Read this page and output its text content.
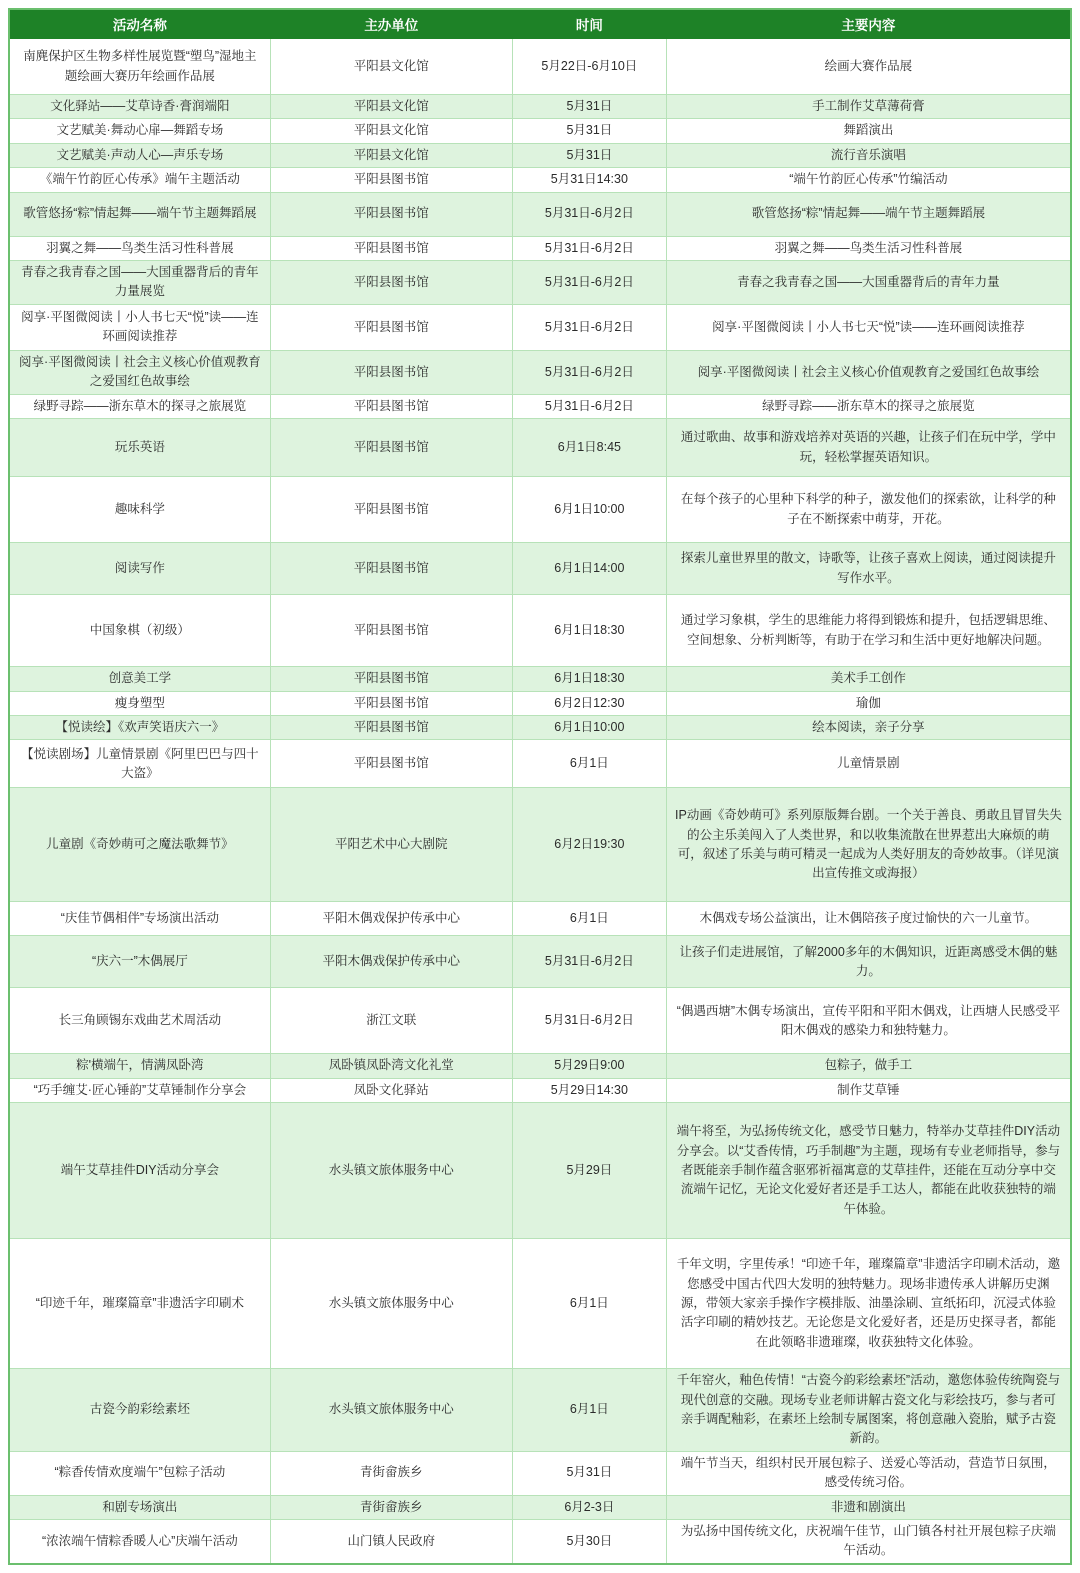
活动名称	主办单位	时间	主要内容
南麂保护区生物多样性展览暨“塑鸟”湿地主题绘画大赛历年绘画作品展	平阳县文化馆	5月22日-6月10日	绘画大赛作品展
文化驿站——艾草诗香·膏润端阳	平阳县文化馆	5月31日	手工制作艾草薄荷膏
文艺赋美·舞动心扉—舞蹈专场	平阳县文化馆	5月31日	舞蹈演出
文艺赋美·声动人心—声乐专场	平阳县文化馆	5月31日	流行音乐演唱
《端午竹韵匠心传承》端午主题活动	平阳县图书馆	5月31日14:30	“端午竹韵匠心传承”竹编活动
歌管悠扬“粽”情起舞——端午节主题舞蹈展	平阳县图书馆	5月31日-6月2日	歌管悠扬“粽”情起舞——端午节主题舞蹈展
羽翼之舞——鸟类生活习性科普展	平阳县图书馆	5月31日-6月2日	羽翼之舞——鸟类生活习性科普展
青春之我青春之国——大国重器背后的青年力量展览	平阳县图书馆	5月31日-6月2日	青春之我青春之国——大国重器背后的青年力量
阅享·平图微阅读丨小人书七天“悦”读——连环画阅读推荐	平阳县图书馆	5月31日-6月2日	阅享·平图微阅读丨小人书七天“悦”读——连环画阅读推荐
阅享·平图微阅读丨社会主义核心价值观教育之爱国红色故事绘	平阳县图书馆	5月31日-6月2日	阅享·平图微阅读丨社会主义核心价值观教育之爱国红色故事绘
绿野寻踪——浙东草木的探寻之旅展览	平阳县图书馆	5月31日-6月2日	绿野寻踪——浙东草木的探寻之旅展览
玩乐英语	平阳县图书馆	6月1日8:45	通过歌曲、故事和游戏培养对英语的兴趣，让孩子们在玩中学，学中玩，轻松掌握英语知识。
趣味科学	平阳县图书馆	6月1日10:00	在每个孩子的心里种下科学的种子，激发他们的探索欲，让科学的种子在不断探索中萌芽，开花。
阅读写作	平阳县图书馆	6月1日14:00	探索儿童世界里的散文，诗歌等，让孩子喜欢上阅读，通过阅读提升写作水平。
中国象棋（初级）	平阳县图书馆	6月1日18:30	通过学习象棋，学生的思维能力将得到锻炼和提升，包括逻辑思维、空间想象、分析判断等，有助于在学习和生活中更好地解决问题。
创意美工学	平阳县图书馆	6月1日18:30	美术手工创作
瘦身塑型	平阳县图书馆	6月2日12:30	瑜伽
【悦读绘】《欢声笑语庆六一》	平阳县图书馆	6月1日10:00	绘本阅读，亲子分享
【悦读剧场】儿童情景剧《阿里巴巴与四十大盗》	平阳县图书馆	6月1日	儿童情景剧
儿童剧《奇妙萌可之魔法歌舞节》	平阳艺术中心大剧院	6月2日19:30	IP动画《奇妙萌可》系列原版舞台剧。一个关于善良、勇敢且冒冒失失的公主乐美闯入了人类世界，和以收集流散在世界惹出大麻烦的萌可，叙述了乐美与萌可精灵一起成为人类好朋友的奇妙故事。（详见演出宣传推文或海报）
“庆佳节偶相伴”专场演出活动	平阳木偶戏保护传承中心	6月1日	木偶戏专场公益演出，让木偶陪孩子度过愉快的六一儿童节。
“庆六一”木偶展厅	平阳木偶戏保护传承中心	5月31日-6月2日	让孩子们走进展馆，了解2000多年的木偶知识，近距离感受木偶的魅力。
长三角顾锡东戏曲艺术周活动	浙江文联	5月31日-6月2日	“偶遇西塘”木偶专场演出，宣传平阳和平阳木偶戏，让西塘人民感受平阳木偶戏的感染力和独特魅力。
粽'横端午，情满凤卧湾	凤卧镇凤卧湾文化礼堂	5月29日9:00	包粽子，做手工
“巧手缠艾·匠心锤韵”艾草锤制作分享会	凤卧文化驿站	5月29日14:30	制作艾草锤
端午艾草挂件DIY活动分享会	水头镇文旅体服务中心	5月29日	端午将至，为弘扬传统文化，感受节日魅力，特举办艾草挂件DIY活动分享会。以“艾香传情，巧手制趣”为主题，现场有专业老师指导，参与者既能亲手制作蕴含驱邪祈福寓意的艾草挂件，还能在互动分享中交流端午记忆，无论文化爱好者还是手工达人，都能在此收获独特的端午体验。
“印迹千年，璀璨篇章”非遗活字印刷术	水头镇文旅体服务中心	6月1日	千年文明，字里传承！“印迹千年，璀璨篇章”非遗活字印刷术活动，邀您感受中国古代四大发明的独特魅力。现场非遗传承人讲解历史渊源，带领大家亲手操作字模排版、油墨涂刷、宣纸拓印，沉浸式体验活字印刷的精妙技艺。无论您是文化爱好者，还是历史探寻者，都能在此领略非遗璀璨，收获独特文化体验。
古瓷今韵彩绘素坯	水头镇文旅体服务中心	6月1日	千年窑火，釉色传情！“古瓷今韵彩绘素坯”活动，邀您体验传统陶瓷与现代创意的交融。现场专业老师讲解古瓷文化与彩绘技巧，参与者可亲手调配釉彩，在素坯上绘制专属图案，将创意融入瓷胎，赋予古瓷新韵。
“粽香传情欢度端午”包粽子活动	青街畲族乡	5月31日	端午节当天，组织村民开展包粽子、送爱心等活动，营造节日氛围，感受传统习俗。
和剧专场演出	青街畲族乡	6月2-3日	非遗和剧演出
“浓浓端午情粽香暖人心”庆端午活动	山门镇人民政府	5月30日	为弘扬中国传统文化，庆祝端午佳节，山门镇各村社开展包粽子庆端午活动。
